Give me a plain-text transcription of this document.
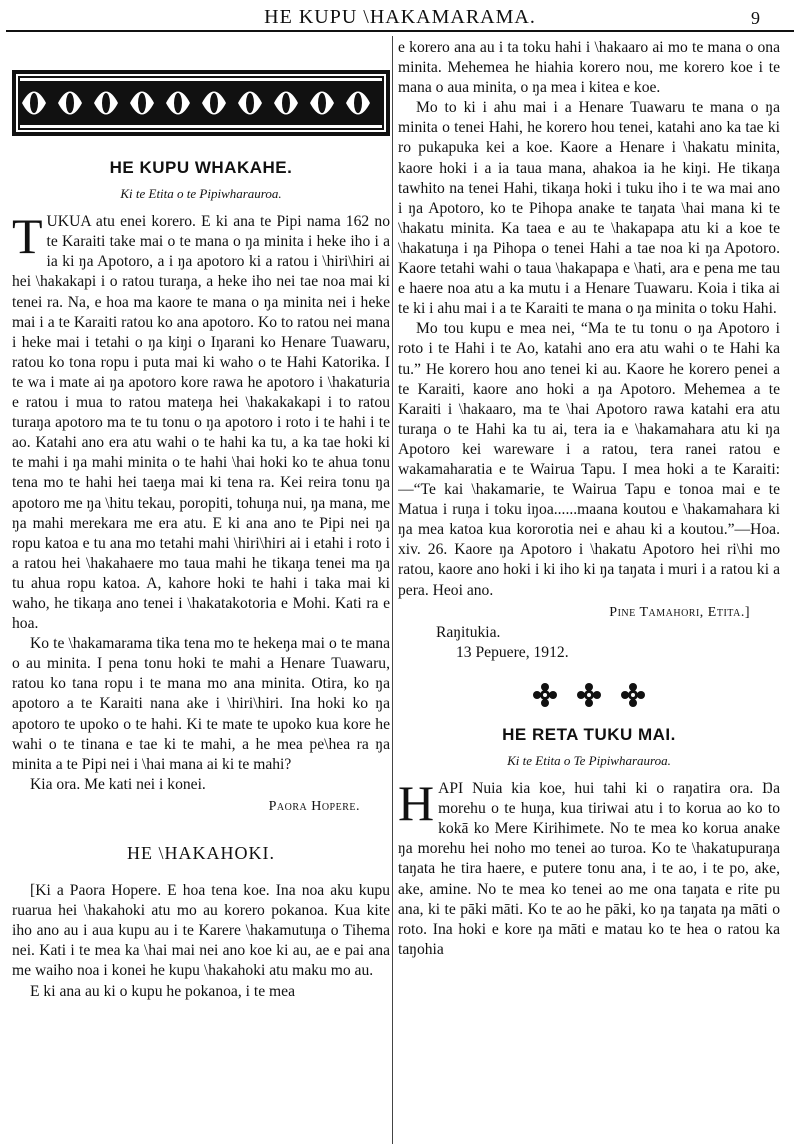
HE KUPU \HAKAMARAMA.	9
HE KUPU WHAKAHE.
Ki te Etita o te Pipiwharauroa.

TUKUA atu enei korero. E ki ana te Pipi nama 162 no te Karaiti take mai o te mana o ŋa minita i heke iho i a ia ki ŋa Apotoro, a i ŋa apotoro ki a ratou i \hiri\hiri ai hei \hakakapi i o ratou turaŋa, a heke iho nei tae noa mai ki tenei ra. Na, e hoa ma kaore te mana o ŋa minita nei i heke mai i a te Karaiti ratou ko ana apotoro. Ko to ratou nei mana i heke mai i tetahi o ŋa kiŋi o Iŋarani ko Henare Tuawaru, ratou ko tona ropu i puta mai ki waho o te Hahi Katorika. I te wa i mate ai ŋa apotoro kore rawa he apotoro i \hakaturia e ratou i mua to ratou mateŋa hei \hakakakapi i to ratou turaŋa apotoro ma te tu tonu o ŋa apotoro i roto i te hahi i te ao. Katahi ano era atu wahi o te hahi ka tu, a ka tae hoki ki te mahi i ŋa mahi minita o te hahi \hai hoki ko te ahua tonu tena mo te hahi hei taeŋa mai ki tena ra. Kei reira tonu ŋa apotoro me ŋa \hitu tekau, poropiti, tohuŋa nui, ŋa mana, me ŋa mahi merekara me era atu. E ki ana ano te Pipi nei ŋa ropu katoa e tu ana mo tetahi mahi \hiri\hiri ai i etahi i roto i a ratou hei \hakahaere mo taua mahi he tikaŋa tenei ma ŋa tu ahua ropu katoa. A, kahore hoki te hahi i taka mai ki waho, he tikaŋa ano tenei i \hakatakotoria e Mohi. Kati ra e hoa.

Ko te \hakamarama tika tena mo te hekeŋa mai o te mana o au minita. I pena tonu hoki te mahi a Henare Tuawaru, ratou ko tana ropu i te mana mo ana minita. Otira, ko ŋa apotoro a te Karaiti nana ake i \hiri\hiri. Ina hoki ko ŋa apotoro te upoko o te hahi. Ki te mate te upoko kua kore he wahi o te tinana e tae ki te mahi, a he mea pe\hea ra ŋa minita a te Pipi nei i \hai mana ai ki te mahi?

Kia ora. Me kati nei i konei.

Paora Hopere.
HE \HAKAHOKI.

[Ki a Paora Hopere. E hoa tena koe. Ina noa aku kupu ruarua hei \hakahoki atu mo au korero pokanoa. Kua kite iho ano au i aua kupu au i te Karere \hakamutuŋa o Tihema nei. Kati i te mea ka \hai mai nei ano koe ki au, ae e pai ana me waiho noa i konei he kupu \hakahoki atu maku mo au.

E ki ana au ki o kupu he pokanoa, i te mea

e korero ana au i ta toku hahi i \hakaaro ai mo te mana o ona minita. Mehemea he hiahia korero nou, me korero koe i te mana o aua minita, o ŋa mea i kitea e koe.

Mo to ki i ahu mai i a Henare Tuawaru te mana o ŋa minita o tenei Hahi, he korero hou tenei, katahi ano ka tae ki ro pukapuka kei a koe. Kaore a Henare i \hakatu minita, kaore hoki i a ia taua mana, ahakoa ia he kiŋi. He tikaŋa tawhito na tenei Hahi, tikaŋa hoki i tuku iho i te wa mai ano i ŋa Apotoro, ko te Pihopa anake te taŋata \hai mana ki te \hakatu minita. Ka taea e au te \hakapapa atu ki a koe te \hakatuŋa i ŋa Pihopa o tenei Hahi a tae noa ki ŋa Apotoro. Kaore tetahi wahi o taua \hakapapa e \hati, ara e pena me tau e haere noa atu a ka mutu i a Henare Tuawaru. Koia i tika ai te ki i ahu mai i a te Karaiti te mana o ŋa minita o toku Hahi.

Mo tou kupu e mea nei, “Ma te tu tonu o ŋa Apotoro i roto i te Hahi i te Ao, katahi ano era atu wahi o te Hahi ka tu.” He korero hou ano tenei ki au. Kaore he korero penei a te Karaiti, kaore ano hoki a ŋa Apotoro. Mehemea a te Karaiti i \hakaaro, ma te \hai Apotoro rawa katahi era atu turaŋa o te Hahi ka tu ai, tera ia e \hakamahara atu ki ŋa Apotoro kei wareware i a ratou, tera ranei ratou e wakamaharatia e te Wairua Tapu. I mea hoki a te Karaiti:—“Te kai \hakamarie, te Wairua Tapu e tonoa mai e te Matua i ruŋa i toku iŋoa......maana koutou e \hakamahara ki ŋa mea katoa kua kororotia nei e ahau ki a koutou.”—Hoa. xiv. 26. Kaore ŋa Apotoro i \hakatu Apotoro hei ri\hi mo ratou, kaore ano hoki i ki iho ki ŋa taŋata i muri i a ratou ki a pera. Heoi ano.

Pine Tamahori, Etita.]
Raŋitukia.
13 Pepuere, 1912.

HE RETA TUKU MAI.
Ki te Etita o Te Pipiwharauroa.

HAPI Nuia kia koe, hui tahi ki o raŋatira ora. Ŋa morehu o te huŋa, kua tiriwai atu i to korua ao ko to kokā ko Mere Kirihimete. No te mea ko korua anake ŋa morehu hei noho mo tenei ao turoa. Ko te \hakatupuraŋa taŋata he tira haere, e putere tonu ana, i te ao, i te po, ake, ake, amine. No te mea ko tenei ao me ona taŋata e rite pu ana, ki te pāki māti. Ko te ao he pāki, ko ŋa taŋata ŋa māti o roto. Ina hoki e kore ŋa māti e matau ko te hea o ratou ka taŋohia
